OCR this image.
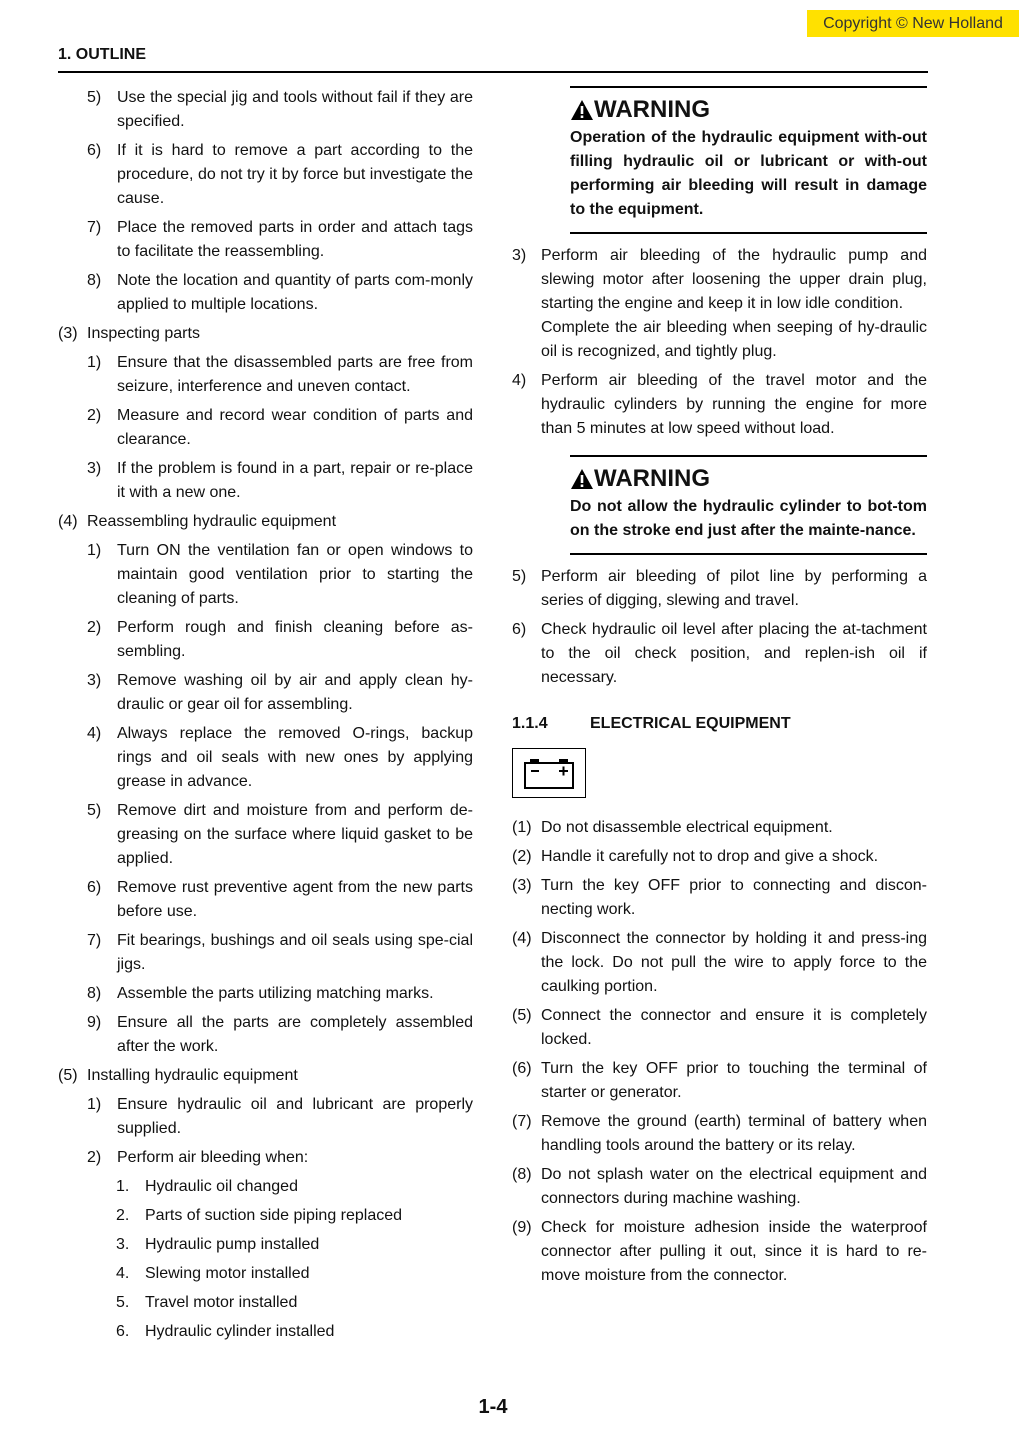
Copyright © New Holland
1. OUTLINE
5) Use the special jig and tools without fail if they are specified.
6) If it is hard to remove a part according to the procedure, do not try it by force but investigate the cause.
7) Place the removed parts in order and attach tags to facilitate the reassembling.
8) Note the location and quantity of parts com-monly applied to multiple locations.
(3) Inspecting parts
1) Ensure that the disassembled parts are free from seizure, interference and uneven contact.
2) Measure and record wear condition of parts and clearance.
3) If the problem is found in a part, repair or re-place it with a new one.
(4) Reassembling hydraulic equipment
1) Turn ON the ventilation fan or open windows to maintain good ventilation prior to starting the cleaning of parts.
2) Perform rough and finish cleaning before as-sembling.
3) Remove washing oil by air and apply clean hy-draulic or gear oil for assembling.
4) Always replace the removed O-rings, backup rings and oil seals with new ones by applying grease in advance.
5) Remove dirt and moisture from and perform de-greasing on the surface where liquid gasket to be applied.
6) Remove rust preventive agent from the new parts before use.
7) Fit bearings, bushings and oil seals using spe-cial jigs.
8) Assemble the parts utilizing matching marks.
9) Ensure all the parts are completely assembled after the work.
(5) Installing hydraulic equipment
1) Ensure hydraulic oil and lubricant are properly supplied.
2) Perform air bleeding when:
1. Hydraulic oil changed
2. Parts of suction side piping replaced
3. Hydraulic pump installed
4. Slewing motor installed
5. Travel motor installed
6. Hydraulic cylinder installed
WARNING
Operation of the hydraulic equipment with-out filling hydraulic oil or lubricant or with-out performing air bleeding will result in damage to the equipment.
3) Perform air bleeding of the hydraulic pump and slewing motor after loosening the upper drain plug, starting the engine and keep it in low idle condition.
Complete the air bleeding when seeping of hy-draulic oil is recognized, and tightly plug.
4) Perform air bleeding of the travel motor and the hydraulic cylinders by running the engine for more than 5 minutes at low speed without load.
WARNING
Do not allow the hydraulic cylinder to bot-tom on the stroke end just after the mainte-nance.
5) Perform air bleeding of pilot line by performing a series of digging, slewing and travel.
6) Check hydraulic oil level after placing the at-tachment to the oil check position, and replen-ish oil if necessary.
1.1.4	ELECTRICAL EQUIPMENT
(1) Do not disassemble electrical equipment.
(2) Handle it carefully not to drop and give a shock.
(3) Turn the key OFF prior to connecting and discon-necting work.
(4) Disconnect the connector by holding it and press-ing the lock. Do not pull the wire to apply force to the caulking portion.
(5) Connect the connector and ensure it is completely locked.
(6) Turn the key OFF prior to touching the terminal of starter or generator.
(7) Remove the ground (earth) terminal of battery when handling tools around the battery or its relay.
(8) Do not splash water on the electrical equipment and connectors during machine washing.
(9) Check for moisture adhesion inside the waterproof connector after pulling it out, since it is hard to re-move moisture from the connector.
1-4
